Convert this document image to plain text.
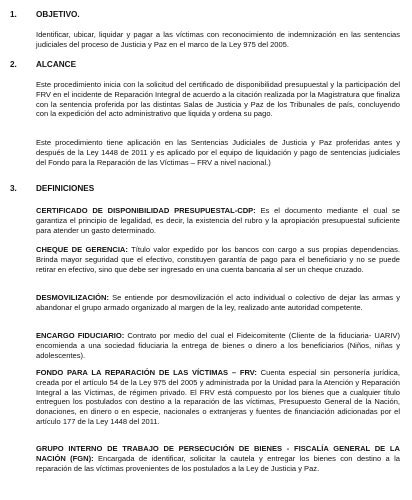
1. OBJETIVO.

Identificar, ubicar, liquidar y pagar a las víctimas con reconocimiento de indemnización en las sentencias judiciales del proceso de Justicia y Paz en el marco de la Ley 975 del 2005.

2. ALCANCE

Este procedimiento inicia con la solicitud del certificado de disponibilidad presupuestal y la participación del FRV en el incidente de Reparación Integral de acuerdo a la citación realizada por la Magistratura que finaliza con la sentencia proferida por las distintas Salas de Justicia y Paz de los Tribunales de país, concluyendo con la expedición del acto administrativo que liquida y ordena su pago.

Este procedimiento tiene aplicación en las Sentencias Judiciales de Justicia y Paz proferidas antes y después de la Ley 1448 de 2011 y es aplicado por el equipo de liquidación y pago de sentencias judiciales del Fondo para la Reparación de las Víctimas – FRV a nivel nacional.)

3. DEFINICIONES

CERTIFICADO DE DISPONIBILIDAD PRESUPUESTAL-CDP: Es el documento mediante el cual se garantiza el principio de legalidad, es decir, la existencia del rubro y la apropiación presupuestal suficiente para atender un gasto determinado.

CHEQUE DE GERENCIA: Título valor expedido por los bancos con cargo a sus propias dependencias. Brinda mayor seguridad que el efectivo, constituyen garantía de pago para el beneficiario y no se puede retirar en efectivo, sino que debe ser ingresado en una cuenta bancaria al ser un cheque cruzado.

DESMOVILIZACIÓN: Se entiende por desmovilización el acto individual o colectivo de dejar las armas y abandonar el grupo armado organizado al margen de la ley, realizado ante autoridad competente.

ENCARGO FIDUCIARIO: Contrato por medio del cual el Fideicomitente (Cliente de la fiduciaria- UARIV) encomienda a una sociedad fiduciaria la entrega de bienes o dinero a los beneficiarios (Niños, niñas y adolescentes).

FONDO PARA LA REPARACIÓN DE LAS VÍCTIMAS – FRV: Cuenta especial sin personería jurídica, creada por el artículo 54 de la Ley 975 del 2005 y administrada por la Unidad para la Atención y Reparación Integral a las Víctimas, de régimen privado. El FRV está compuesto por los bienes que a cualquier título entreguen los postulados con destino a la reparación de las víctimas, Presupuesto General de la Nación, donaciones, en dinero o en especie, nacionales o extranjeras y fuentes de financiación adicionadas por el artículo 177 de la Ley 1448 del 2011.

GRUPO INTERNO DE TRABAJO DE PERSECUCIÓN DE BIENES - FISCALÍA GENERAL DE LA NACIÓN (FGN): Encargada de identificar, solicitar la cautela y entregar los bienes con destino a la reparación de las víctimas provenientes de los postulados a la Ley de Justicia y Paz.
